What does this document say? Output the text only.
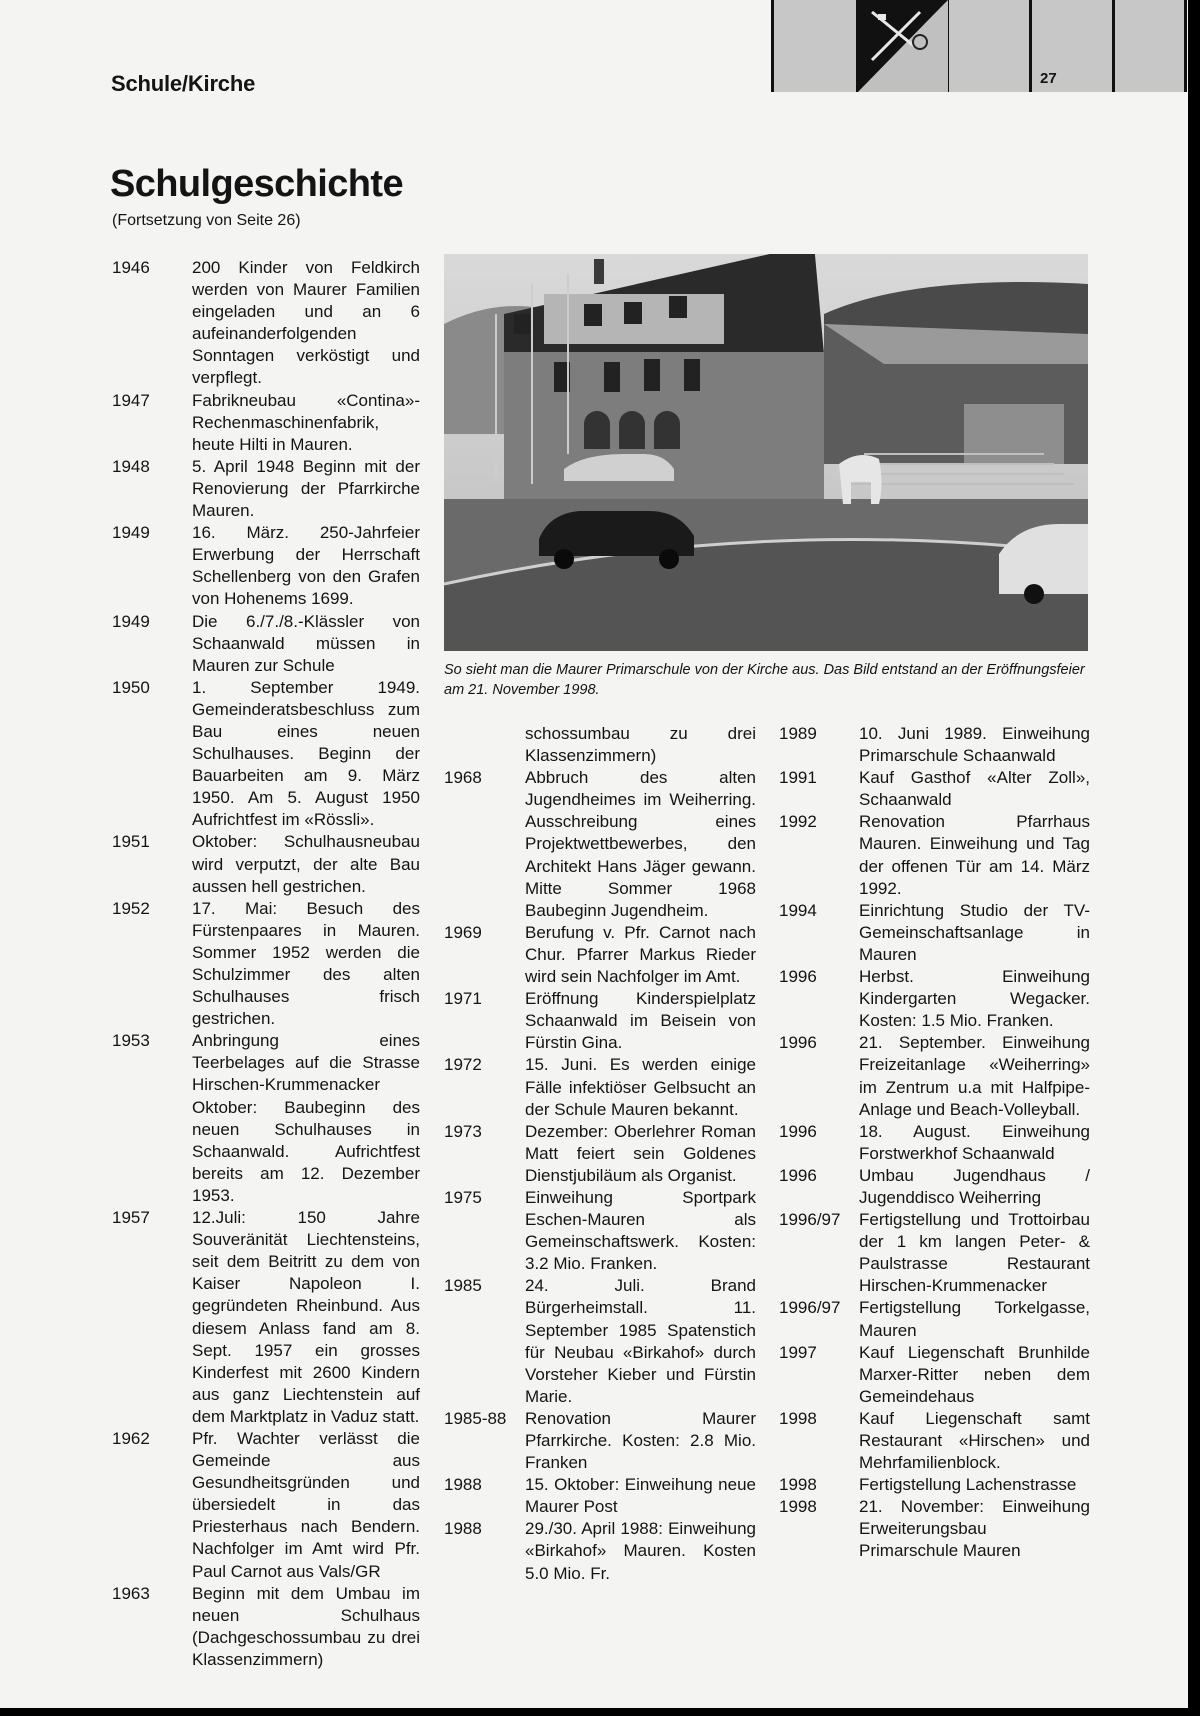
27
Schule/Kirche
Schulgeschichte

(Fortsetzung von Seite 26)

1946	200 Kinder von Feldkirch werden von Maurer Familien eingeladen und an 6 aufeinanderfolgenden Sonntagen verköstigt und verpflegt.
1947	Fabrikneubau «Contina»-Rechenmaschinenfabrik, heute Hilti in Mauren.
1948	5. April 1948 Beginn mit der Renovierung der Pfarrkirche Mauren.
1949	16. März. 250-Jahrfeier Erwerbung der Herrschaft Schellenberg von den Grafen von Hohenems 1699.
1949	Die 6./7./8.-Klässler von Schaanwald müssen in Mauren zur Schule
1950	1. September 1949. Gemeinderatsbeschluss zum Bau eines neuen Schulhauses. Beginn der Bauarbeiten am 9. März 1950. Am 5. August 1950 Aufrichtfest im «Rössli».
1951	Oktober: Schulhausneubau wird verputzt, der alte Bau aussen hell gestrichen.
1952	17. Mai: Besuch des Fürstenpaares in Mauren. Sommer 1952 werden die Schulzimmer des alten Schulhauses frisch gestrichen.
1953	Anbringung eines Teerbelages auf die Strasse Hirschen-Krummenacker Oktober: Baubeginn des neuen Schulhauses in Schaanwald. Aufrichtfest bereits am 12. Dezember 1953.
1957	12.Juli: 150 Jahre Souveränität Liechtensteins, seit dem Beitritt zu dem von Kaiser Napoleon I. gegründeten Rheinbund. Aus diesem Anlass fand am 8. Sept. 1957 ein grosses Kinderfest mit 2600 Kindern aus ganz Liechtenstein auf dem Marktplatz in Vaduz statt.
1962	Pfr. Wachter verlässt die Gemeinde aus Gesundheitsgründen und übersiedelt in das Priesterhaus nach Bendern. Nachfolger im Amt wird Pfr. Paul Carnot aus Vals/GR
1963	Beginn mit dem Umbau im neuen Schulhaus (Dachgeschossumbau zu drei Klassenzimmern)
So sieht man die Maurer Primarschule von der Kirche aus. Das Bild entstand an der Eröffnungsfeier am 21. November 1998.
schossumbau zu drei Klassenzimmern)
1968	Abbruch des alten Jugendheimes im Weiherring. Ausschreibung eines Projektwettbewerbes, den Architekt Hans Jäger gewann. Mitte Sommer 1968 Baubeginn Jugendheim.
1969	Berufung v. Pfr. Carnot nach Chur. Pfarrer Markus Rieder wird sein Nachfolger im Amt.
1971	Eröffnung Kinderspielplatz Schaanwald im Beisein von Fürstin Gina.
1972	15. Juni. Es werden einige Fälle infektiöser Gelbsucht an der Schule Mauren bekannt.
1973	Dezember: Oberlehrer Roman Matt feiert sein Goldenes Dienstjubiläum als Organist.
1975	Einweihung Sportpark Eschen-Mauren als Gemeinschaftswerk. Kosten: 3.2 Mio. Franken.
1985	24. Juli. Brand Bürgerheimstall. 11. September 1985 Spatenstich für Neubau «Birkahof» durch Vorsteher Kieber und Fürstin Marie.
1985-88	Renovation Maurer Pfarrkirche. Kosten: 2.8 Mio. Franken
1988	15. Oktober: Einweihung neue Maurer Post
1988	29./30. April 1988: Einweihung «Birkahof» Mauren. Kosten 5.0 Mio. Fr.
1989	10. Juni 1989. Einweihung Primarschule Schaanwald
1991	Kauf Gasthof «Alter Zoll», Schaanwald
1992	Renovation Pfarrhaus Mauren. Einweihung und Tag der offenen Tür am 14. März 1992.
1994	Einrichtung Studio der TV-Gemeinschaftsanlage in Mauren
1996	Herbst. Einweihung Kindergarten Wegacker. Kosten: 1.5 Mio. Franken.
1996	21. September. Einweihung Freizeitanlage «Weiherring» im Zentrum u.a mit Halfpipe-Anlage und Beach-Volleyball.
1996	18. August. Einweihung Forstwerkhof Schaanwald
1996	Umbau Jugendhaus / Jugenddisco Weiherring
1996/97	Fertigstellung und Trottoirbau der 1 km langen Peter- & Paulstrasse Restaurant Hirschen-Krummenacker
1996/97	Fertigstellung Torkelgasse, Mauren
1997	Kauf Liegenschaft Brunhilde Marxer-Ritter neben dem Gemeindehaus
1998	Kauf Liegenschaft samt Restaurant «Hirschen» und Mehrfamilienblock.
1998	Fertigstellung Lachenstrasse
1998	21. November: Einweihung Erweiterungsbau Primarschule Mauren
